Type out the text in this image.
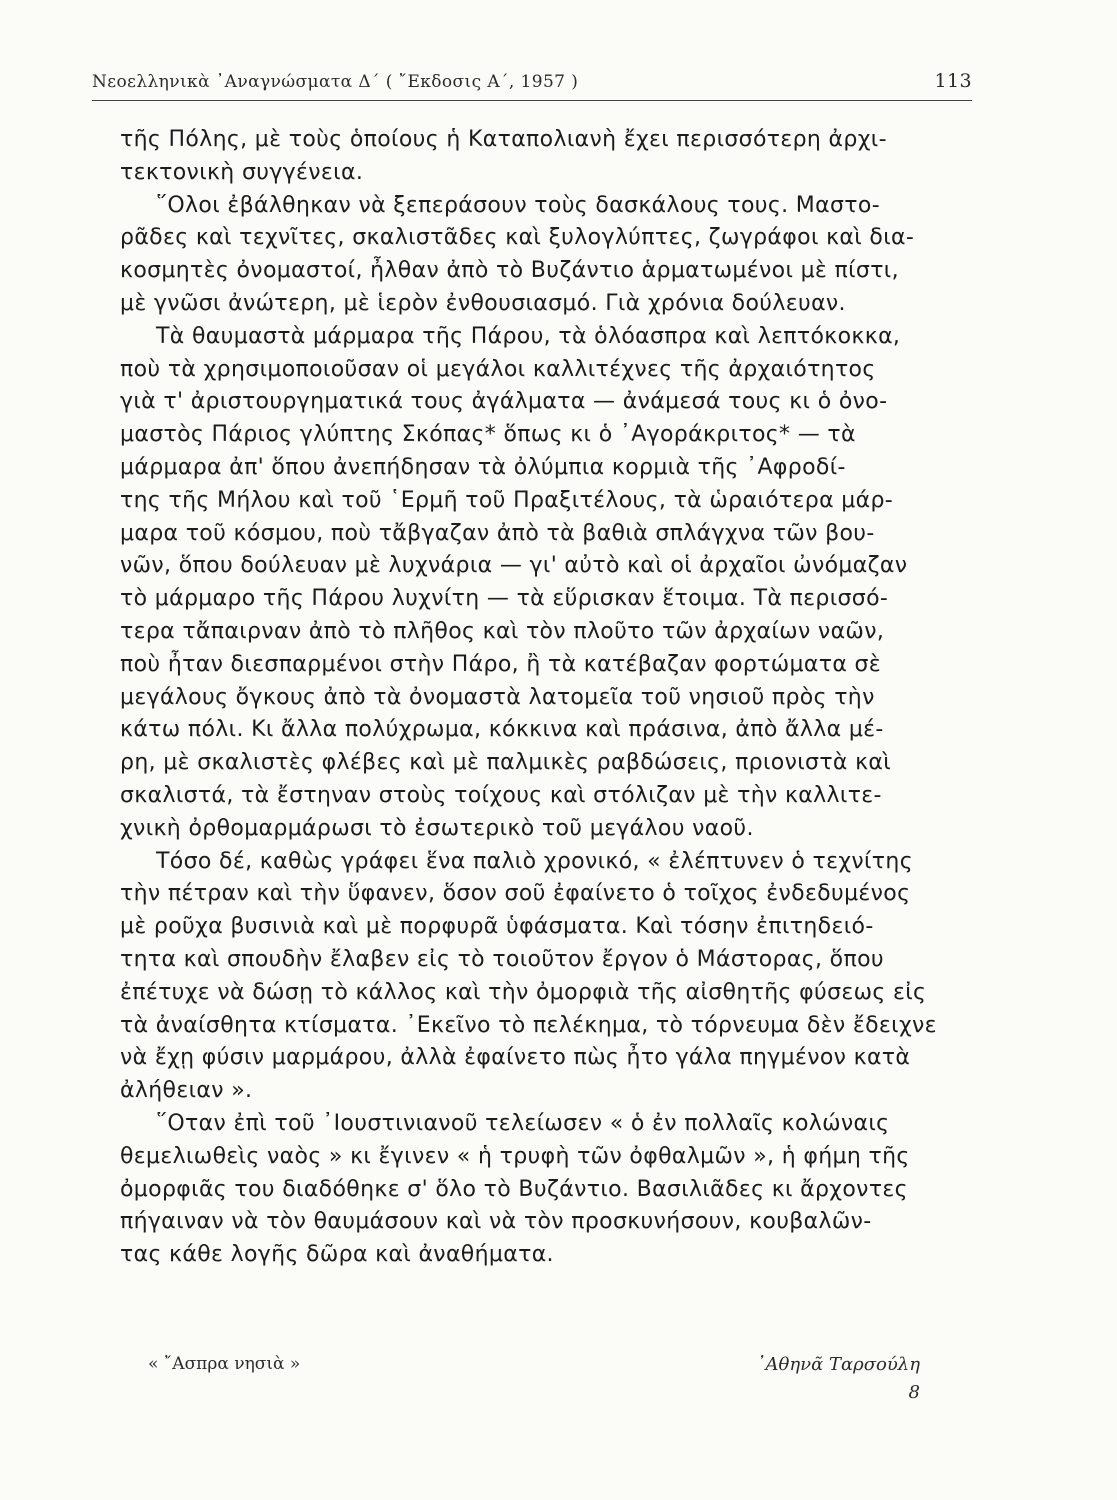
Νεοελληνικὰ ᾿Αναγνώσματα Δ΄ ( ῎Εκδοσις Α΄, 1957 )	113
τῆς Πόλης, μὲ τοὺς ὁποίους ἡ Καταπολιανὴ ἔχει περισσότερη ἀρχι-
τεκτονικὴ συγγένεια.
῞Ολοι ἐβάλθηκαν νὰ ξεπεράσουν τοὺς δασκάλους τους. Μαστο-
ρᾶδες καὶ τεχνῖτες, σκαλιστᾶδες καὶ ξυλογλύπτες, ζωγράφοι καὶ δια-
κοσμητὲς ὀνομαστοί, ἦλθαν ἀπὸ τὸ Βυζάντιο ἁρματωμένοι μὲ πίστι,
μὲ γνῶσι ἀνώτερη, μὲ ἱερὸν ἐνθουσιασμό. Γιὰ χρόνια δούλευαν.
Τὰ θαυμαστὰ μάρμαρα τῆς Πάρου, τὰ ὁλόασπρα καὶ λεπτόκοκκα,
ποὺ τὰ χρησιμοποιοῦσαν οἱ μεγάλοι καλλιτέχνες τῆς ἀρχαιότητος
γιὰ τ' ἀριστουργηματικά τους ἀγάλματα — ἀνάμεσά τους κι ὁ ὀνο-
μαστὸς Πάριος γλύπτης Σκόπας* ὅπως κι ὁ ᾿Αγοράκριτος* — τὰ
μάρμαρα ἀπ' ὅπου ἀνεπήδησαν τὰ ὀλύμπια κορμιὰ τῆς ᾿Αφροδί-
της τῆς Μήλου καὶ τοῦ ῾Ερμῆ τοῦ Πραξιτέλους, τὰ ὡραιότερα μάρ-
μαρα τοῦ κόσμου, ποὺ τἄβγαζαν ἀπὸ τὰ βαθιὰ σπλάγχνα τῶν βου-
νῶν, ὅπου δούλευαν μὲ λυχνάρια — γι' αὐτὸ καὶ οἱ ἀρχαῖοι ὠνόμαζαν
τὸ μάρμαρο τῆς Πάρου λυχνίτη — τὰ εὕρισκαν ἕτοιμα. Τὰ περισσό-
τερα τἄπαιρναν ἀπὸ τὸ πλῆθος καὶ τὸν πλοῦτο τῶν ἀρχαίων ναῶν,
ποὺ ἦταν διεσπαρμένοι στὴν Πάρο, ἢ τὰ κατέβαζαν φορτώματα σὲ
μεγάλους ὄγκους ἀπὸ τὰ ὀνομαστὰ λατομεῖα τοῦ νησιοῦ πρὸς τὴν
κάτω πόλι. Κι ἄλλα πολύχρωμα, κόκκινα καὶ πράσινα, ἀπὸ ἄλλα μέ-
ρη, μὲ σκαλιστὲς φλέβες καὶ μὲ παλμικὲς ραβδώσεις, πριονιστὰ καὶ
σκαλιστά, τὰ ἔστηναν στοὺς τοίχους καὶ στόλιζαν μὲ τὴν καλλιτε-
χνικὴ ὀρθομαρμάρωσι τὸ ἐσωτερικὸ τοῦ μεγάλου ναοῦ.
Τόσο δέ, καθὼς γράφει ἕνα παλιὸ χρονικό, « ἐλέπτυνεν ὁ τεχνίτης
τὴν πέτραν καὶ τὴν ὕφανεν, ὅσον σοῦ ἐφαίνετο ὁ τοῖχος ἐνδεδυμένος
μὲ ροῦχα βυσινιὰ καὶ μὲ πορφυρᾶ ὑφάσματα. Καὶ τόσην ἐπιτηδειό-
τητα καὶ σπουδὴν ἔλαβεν εἰς τὸ τοιοῦτον ἔργον ὁ Μάστορας, ὅπου
ἐπέτυχε νὰ δώσῃ τὸ κάλλος καὶ τὴν ὀμορφιὰ τῆς αἰσθητῆς φύσεως εἰς
τὰ ἀναίσθητα κτίσματα. ᾿Εκεῖνο τὸ πελέκημα, τὸ τόρνευμα δὲν ἔδειχνε
νὰ ἔχῃ φύσιν μαρμάρου, ἀλλὰ ἐφαίνετο πὼς ἦτο γάλα πηγμένον κατὰ
ἀλήθειαν ».
῞Οταν ἐπὶ τοῦ ᾿Ιουστινιανοῦ τελείωσεν « ὁ ἐν πολλαῖς κολώναις
θεμελιωθεὶς ναὸς » κι ἔγινεν « ἡ τρυφὴ τῶν ὀφθαλμῶν », ἡ φήμη τῆς
ὀμορφιᾶς του διαδόθηκε σ' ὅλο τὸ Βυζάντιο. Βασιλιᾶδες κι ἄρχοντες
πήγαιναν νὰ τὸν θαυμάσουν καὶ νὰ τὸν προσκυνήσουν, κουβαλῶν-
τας κάθε λογῆς δῶρα καὶ ἀναθήματα.
« ῎Ασπρα νησιὰ »	᾿Αθηνᾶ Ταρσούλη
8
